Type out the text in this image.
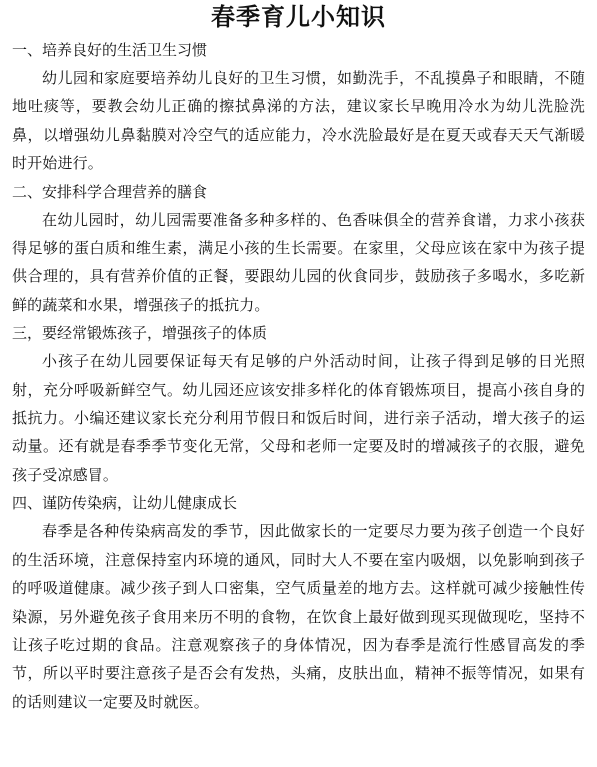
春季育儿小知识

一、培养良好的生活卫生习惯

幼儿园和家庭要培养幼儿良好的卫生习惯，如勤洗手，不乱摸鼻子和眼睛，不随地吐痰等，要教会幼儿正确的擦拭鼻涕的方法，建议家长早晚用冷水为幼儿洗脸洗鼻，以增强幼儿鼻黏膜对冷空气的适应能力，冷水洗脸最好是在夏天或春天天气渐暖时开始进行。

二、安排科学合理营养的膳食

在幼儿园时，幼儿园需要准备多种多样的、色香味俱全的营养食谱，力求小孩获得足够的蛋白质和维生素，满足小孩的生长需要。在家里，父母应该在家中为孩子提供合理的，具有营养价值的正餐，要跟幼儿园的伙食同步，鼓励孩子多喝水，多吃新鲜的蔬菜和水果，增强孩子的抵抗力。

三，要经常锻炼孩子，增强孩子的体质

小孩子在幼儿园要保证每天有足够的户外活动时间，让孩子得到足够的日光照射，充分呼吸新鲜空气。幼儿园还应该安排多样化的体育锻炼项目，提高小孩自身的抵抗力。小编还建议家长充分利用节假日和饭后时间，进行亲子活动，增大孩子的运动量。还有就是春季季节变化无常，父母和老师一定要及时的增减孩子的衣服，避免孩子受凉感冒。

四、谨防传染病，让幼儿健康成长

春季是各种传染病高发的季节，因此做家长的一定要尽力要为孩子创造一个良好的生活环境，注意保持室内环境的通风，同时大人不要在室内吸烟，以免影响到孩子的呼吸道健康。减少孩子到人口密集，空气质量差的地方去。这样就可减少接触性传染源，另外避免孩子食用来历不明的食物，在饮食上最好做到现买现做现吃，坚持不让孩子吃过期的食品。注意观察孩子的身体情况，因为春季是流行性感冒高发的季节，所以平时要注意孩子是否会有发热，头痛，皮肤出血，精神不振等情况，如果有的话则建议一定要及时就医。
